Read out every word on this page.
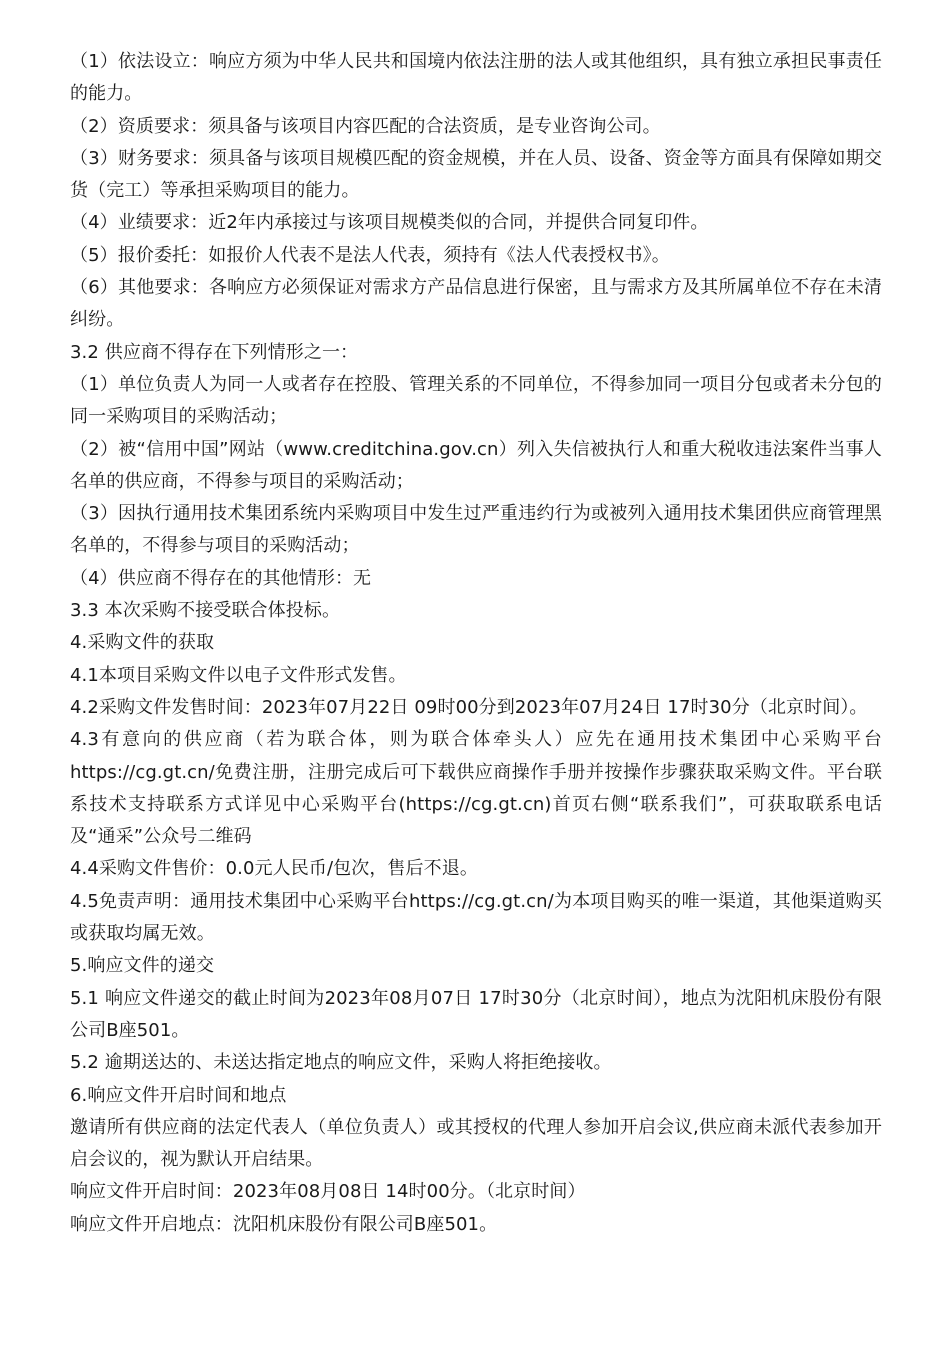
（1）依法设立：响应方须为中华人民共和国境内依法注册的法人或其他组织，具有独立承担民事责任的能力。

（2）资质要求：须具备与该项目内容匹配的合法资质，是专业咨询公司。

（3）财务要求：须具备与该项目规模匹配的资金规模，并在人员、设备、资金等方面具有保障如期交货（完工）等承担采购项目的能力。

（4）业绩要求：近2年内承接过与该项目规模类似的合同，并提供合同复印件。

（5）报价委托：如报价人代表不是法人代表，须持有《法人代表授权书》。

（6）其他要求：各响应方必须保证对需求方产品信息进行保密，且与需求方及其所属单位不存在未清纠纷。

3.2 供应商不得存在下列情形之一：

（1）单位负责人为同一人或者存在控股、管理关系的不同单位，不得参加同一项目分包或者未分包的同一采购项目的采购活动；

（2）被“信用中国”网站（www.creditchina.gov.cn）列入失信被执行人和重大税收违法案件当事人名单的供应商，不得参与项目的采购活动；

（3）因执行通用技术集团系统内采购项目中发生过严重违约行为或被列入通用技术集团供应商管理黑名单的，不得参与项目的采购活动；

（4）供应商不得存在的其他情形：无

3.3 本次采购不接受联合体投标。

4.采购文件的获取

4.1本项目采购文件以电子文件形式发售。

4.2采购文件发售时间：2023年07月22日 09时00分到2023年07月24日 17时30分（北京时间）。

4.3有意向的供应商（若为联合体，则为联合体牵头人）应先在通用技术集团中心采购平台https://cg.gt.cn/免费注册，注册完成后可下载供应商操作手册并按操作步骤获取采购文件。平台联系技术支持联系方式详见中心采购平台(https://cg.gt.cn)首页右侧“联系我们”，可获取联系电话及“通采”公众号二维码

4.4采购文件售价：0.0元人民币/包次，售后不退。

4.5免责声明：通用技术集团中心采购平台https://cg.gt.cn/为本项目购买的唯一渠道，其他渠道购买或获取均属无效。

5.响应文件的递交

5.1 响应文件递交的截止时间为2023年08月07日 17时30分（北京时间），地点为沈阳机床股份有限公司B座501。

5.2 逾期送达的、未送达指定地点的响应文件，采购人将拒绝接收。

6.响应文件开启时间和地点

邀请所有供应商的法定代表人（单位负责人）或其授权的代理人参加开启会议,供应商未派代表参加开启会议的，视为默认开启结果。

响应文件开启时间：2023年08月08日 14时00分。（北京时间）

响应文件开启地点：沈阳机床股份有限公司B座501。
